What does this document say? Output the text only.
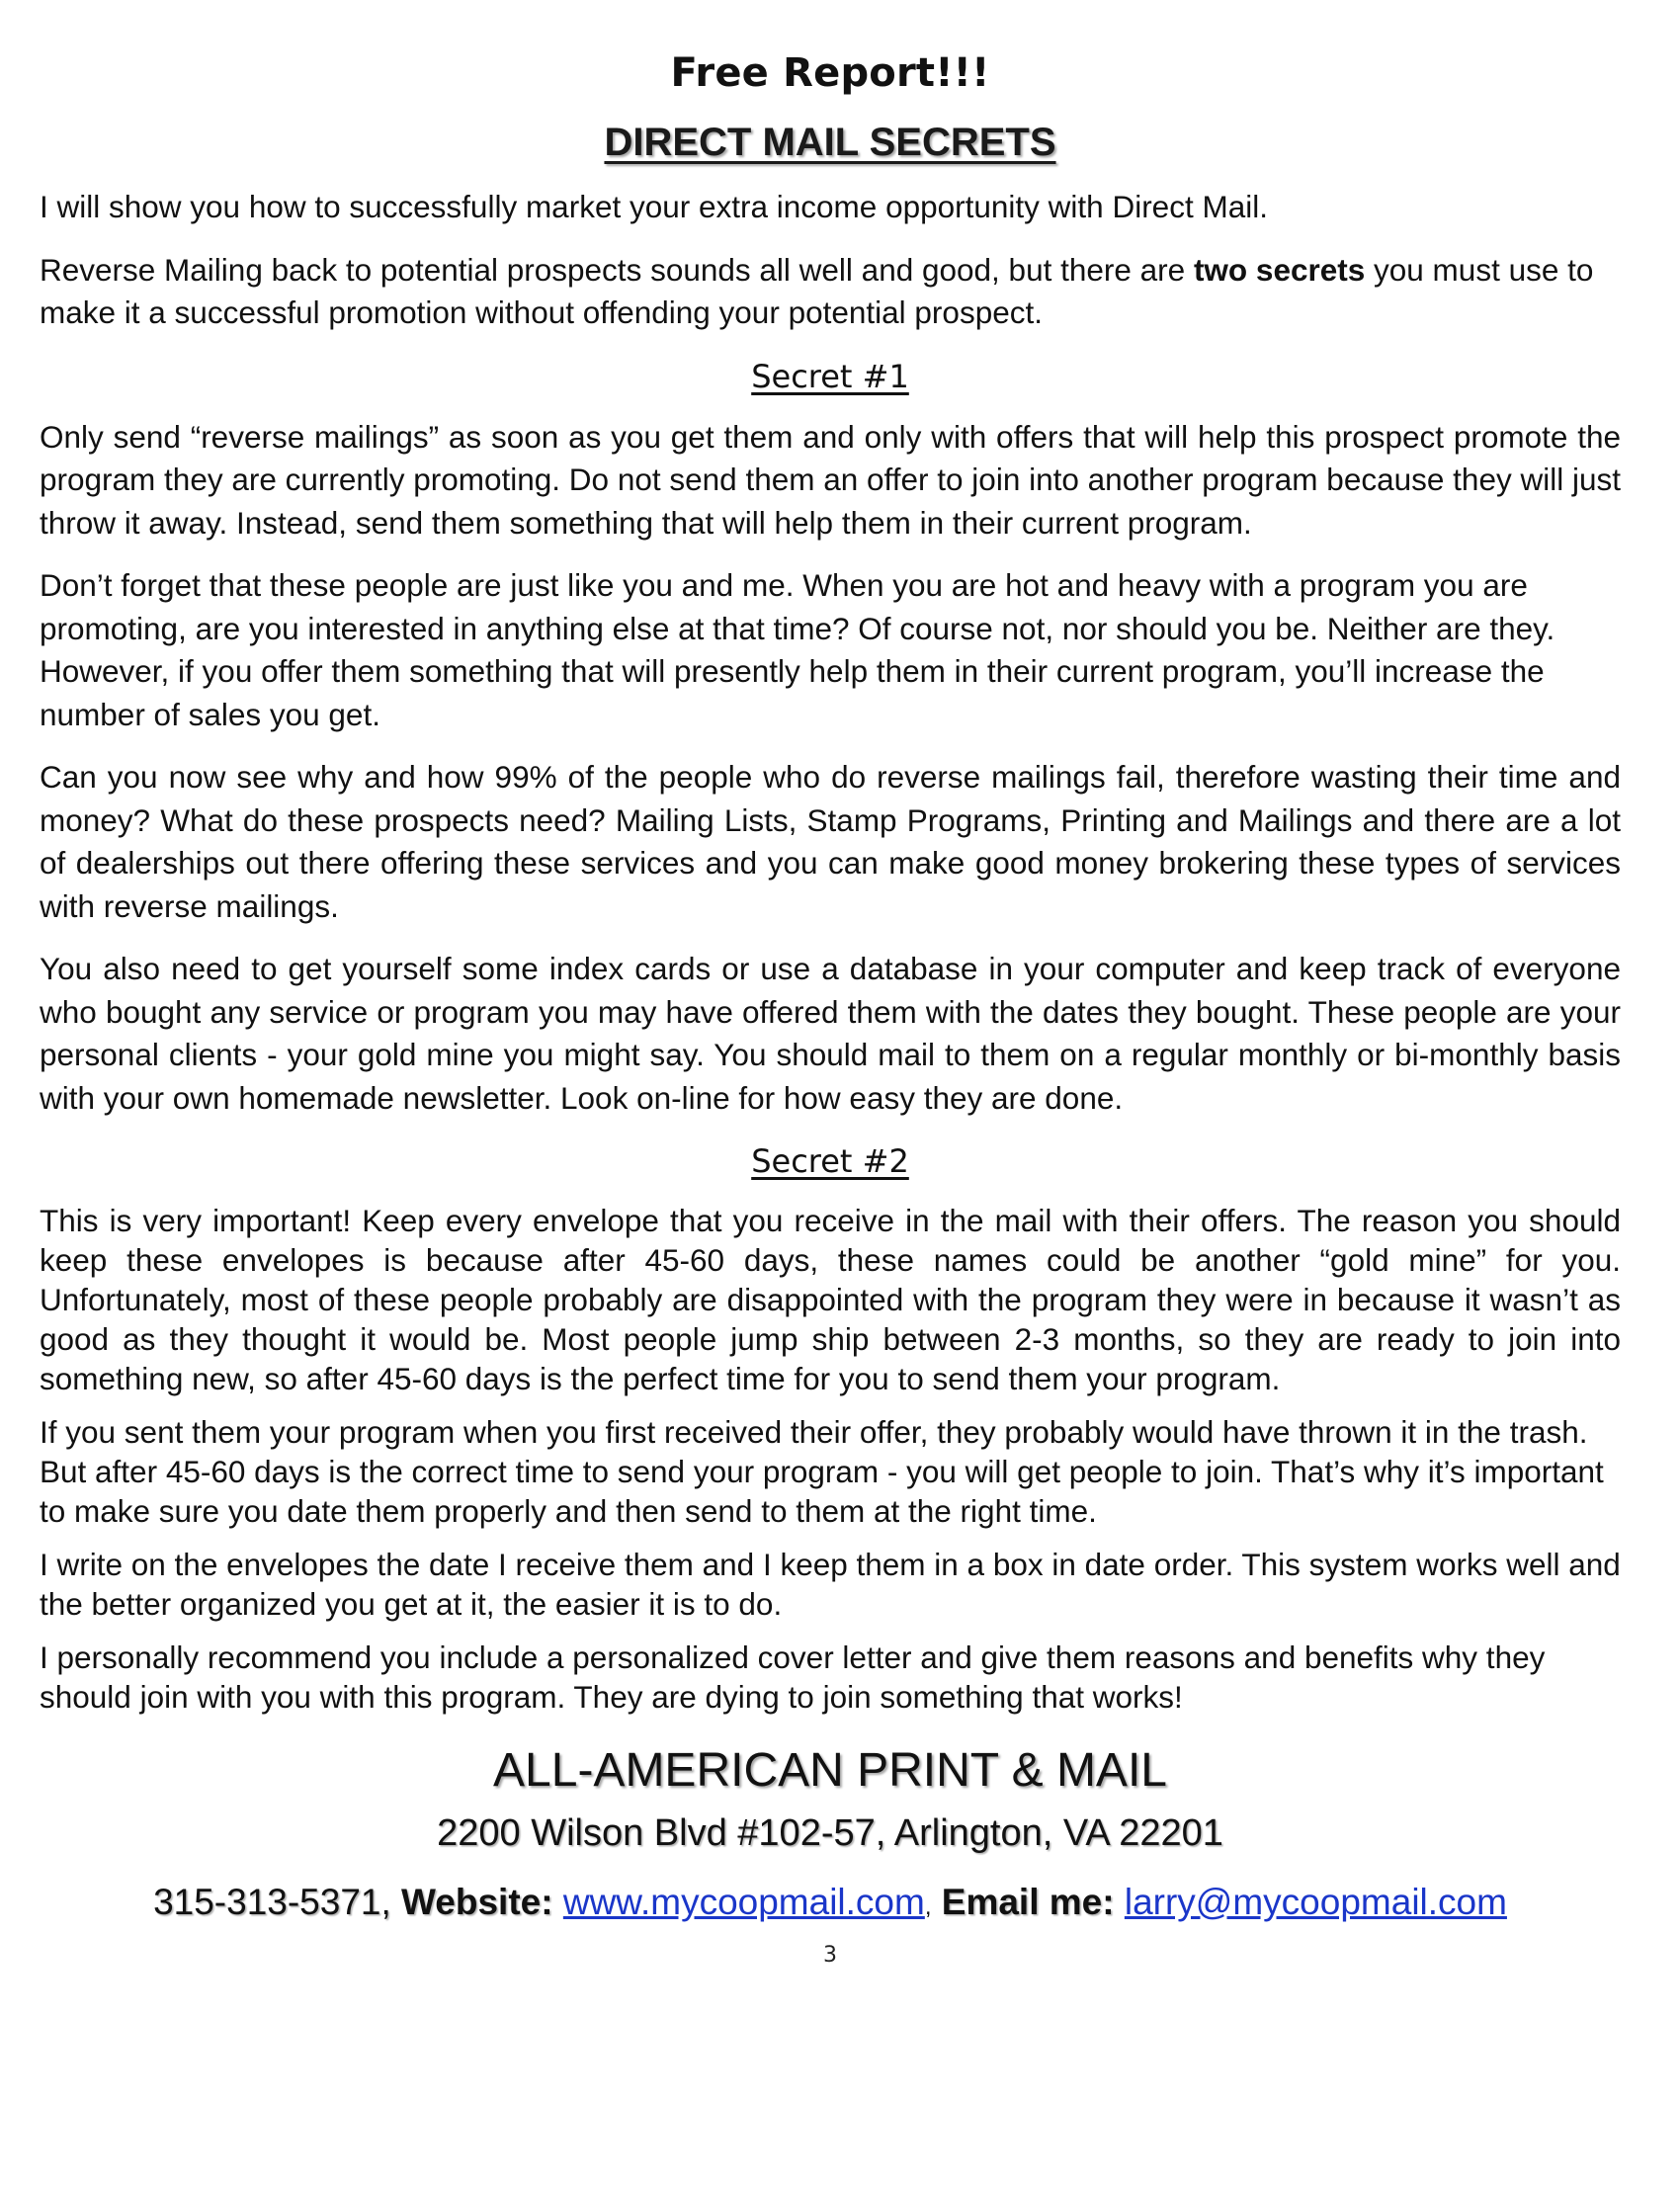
Free Report!!!
DIRECT MAIL SECRETS

I will show you how to successfully market your extra income opportunity with Direct Mail.

Reverse Mailing back to potential prospects sounds all well and good, but there are two secrets you must use to make it a successful promotion without offending your potential prospect.

Secret #1

Only send “reverse mailings” as soon as you get them and only with offers that will help this prospect promote the program they are currently promoting. Do not send them an offer to join into another program because they will just throw it away. Instead, send them something that will help them in their current program.

Don’t forget that these people are just like you and me. When you are hot and heavy with a program you are promoting, are you interested in anything else at that time? Of course not, nor should you be. Neither are they. However, if you offer them something that will presently help them in their current program, you’ll increase the number of sales you get.

Can you now see why and how 99% of the people who do reverse mailings fail, therefore wasting their time and money? What do these prospects need? Mailing Lists, Stamp Programs, Printing and Mailings and there are a lot of dealerships out there offering these services and you can make good money brokering these types of services with reverse mailings.

You also need to get yourself some index cards or use a database in your computer and keep track of everyone who bought any service or program you may have offered them with the dates they bought. These people are your personal clients - your gold mine you might say. You should mail to them on a regular monthly or bi-monthly basis with your own homemade newsletter. Look on-line for how easy they are done.

Secret #2

This is very important! Keep every envelope that you receive in the mail with their offers. The reason you should keep these envelopes is because after 45-60 days, these names could be another “gold mine” for you. Unfortunately, most of these people probably are disappointed with the program they were in because it wasn’t as good as they thought it would be. Most people jump ship between 2-3 months, so they are ready to join into something new, so after 45-60 days is the perfect time for you to send them your program.

If you sent them your program when you first received their offer, they probably would have thrown it in the trash. But after 45-60 days is the correct time to send your program - you will get people to join. That’s why it’s important to make sure you date them properly and then send to them at the right time.

I write on the envelopes the date I receive them and I keep them in a box in date order. This system works well and the better organized you get at it, the easier it is to do.

I personally recommend you include a personalized cover letter and give them reasons and benefits why they should join with you with this program. They are dying to join something that works!

ALL-AMERICAN PRINT & MAIL
2200 Wilson Blvd #102-57, Arlington, VA 22201
315-313-5371, Website: www.mycoopmail.com, Email me: larry@mycoopmail.com
3
